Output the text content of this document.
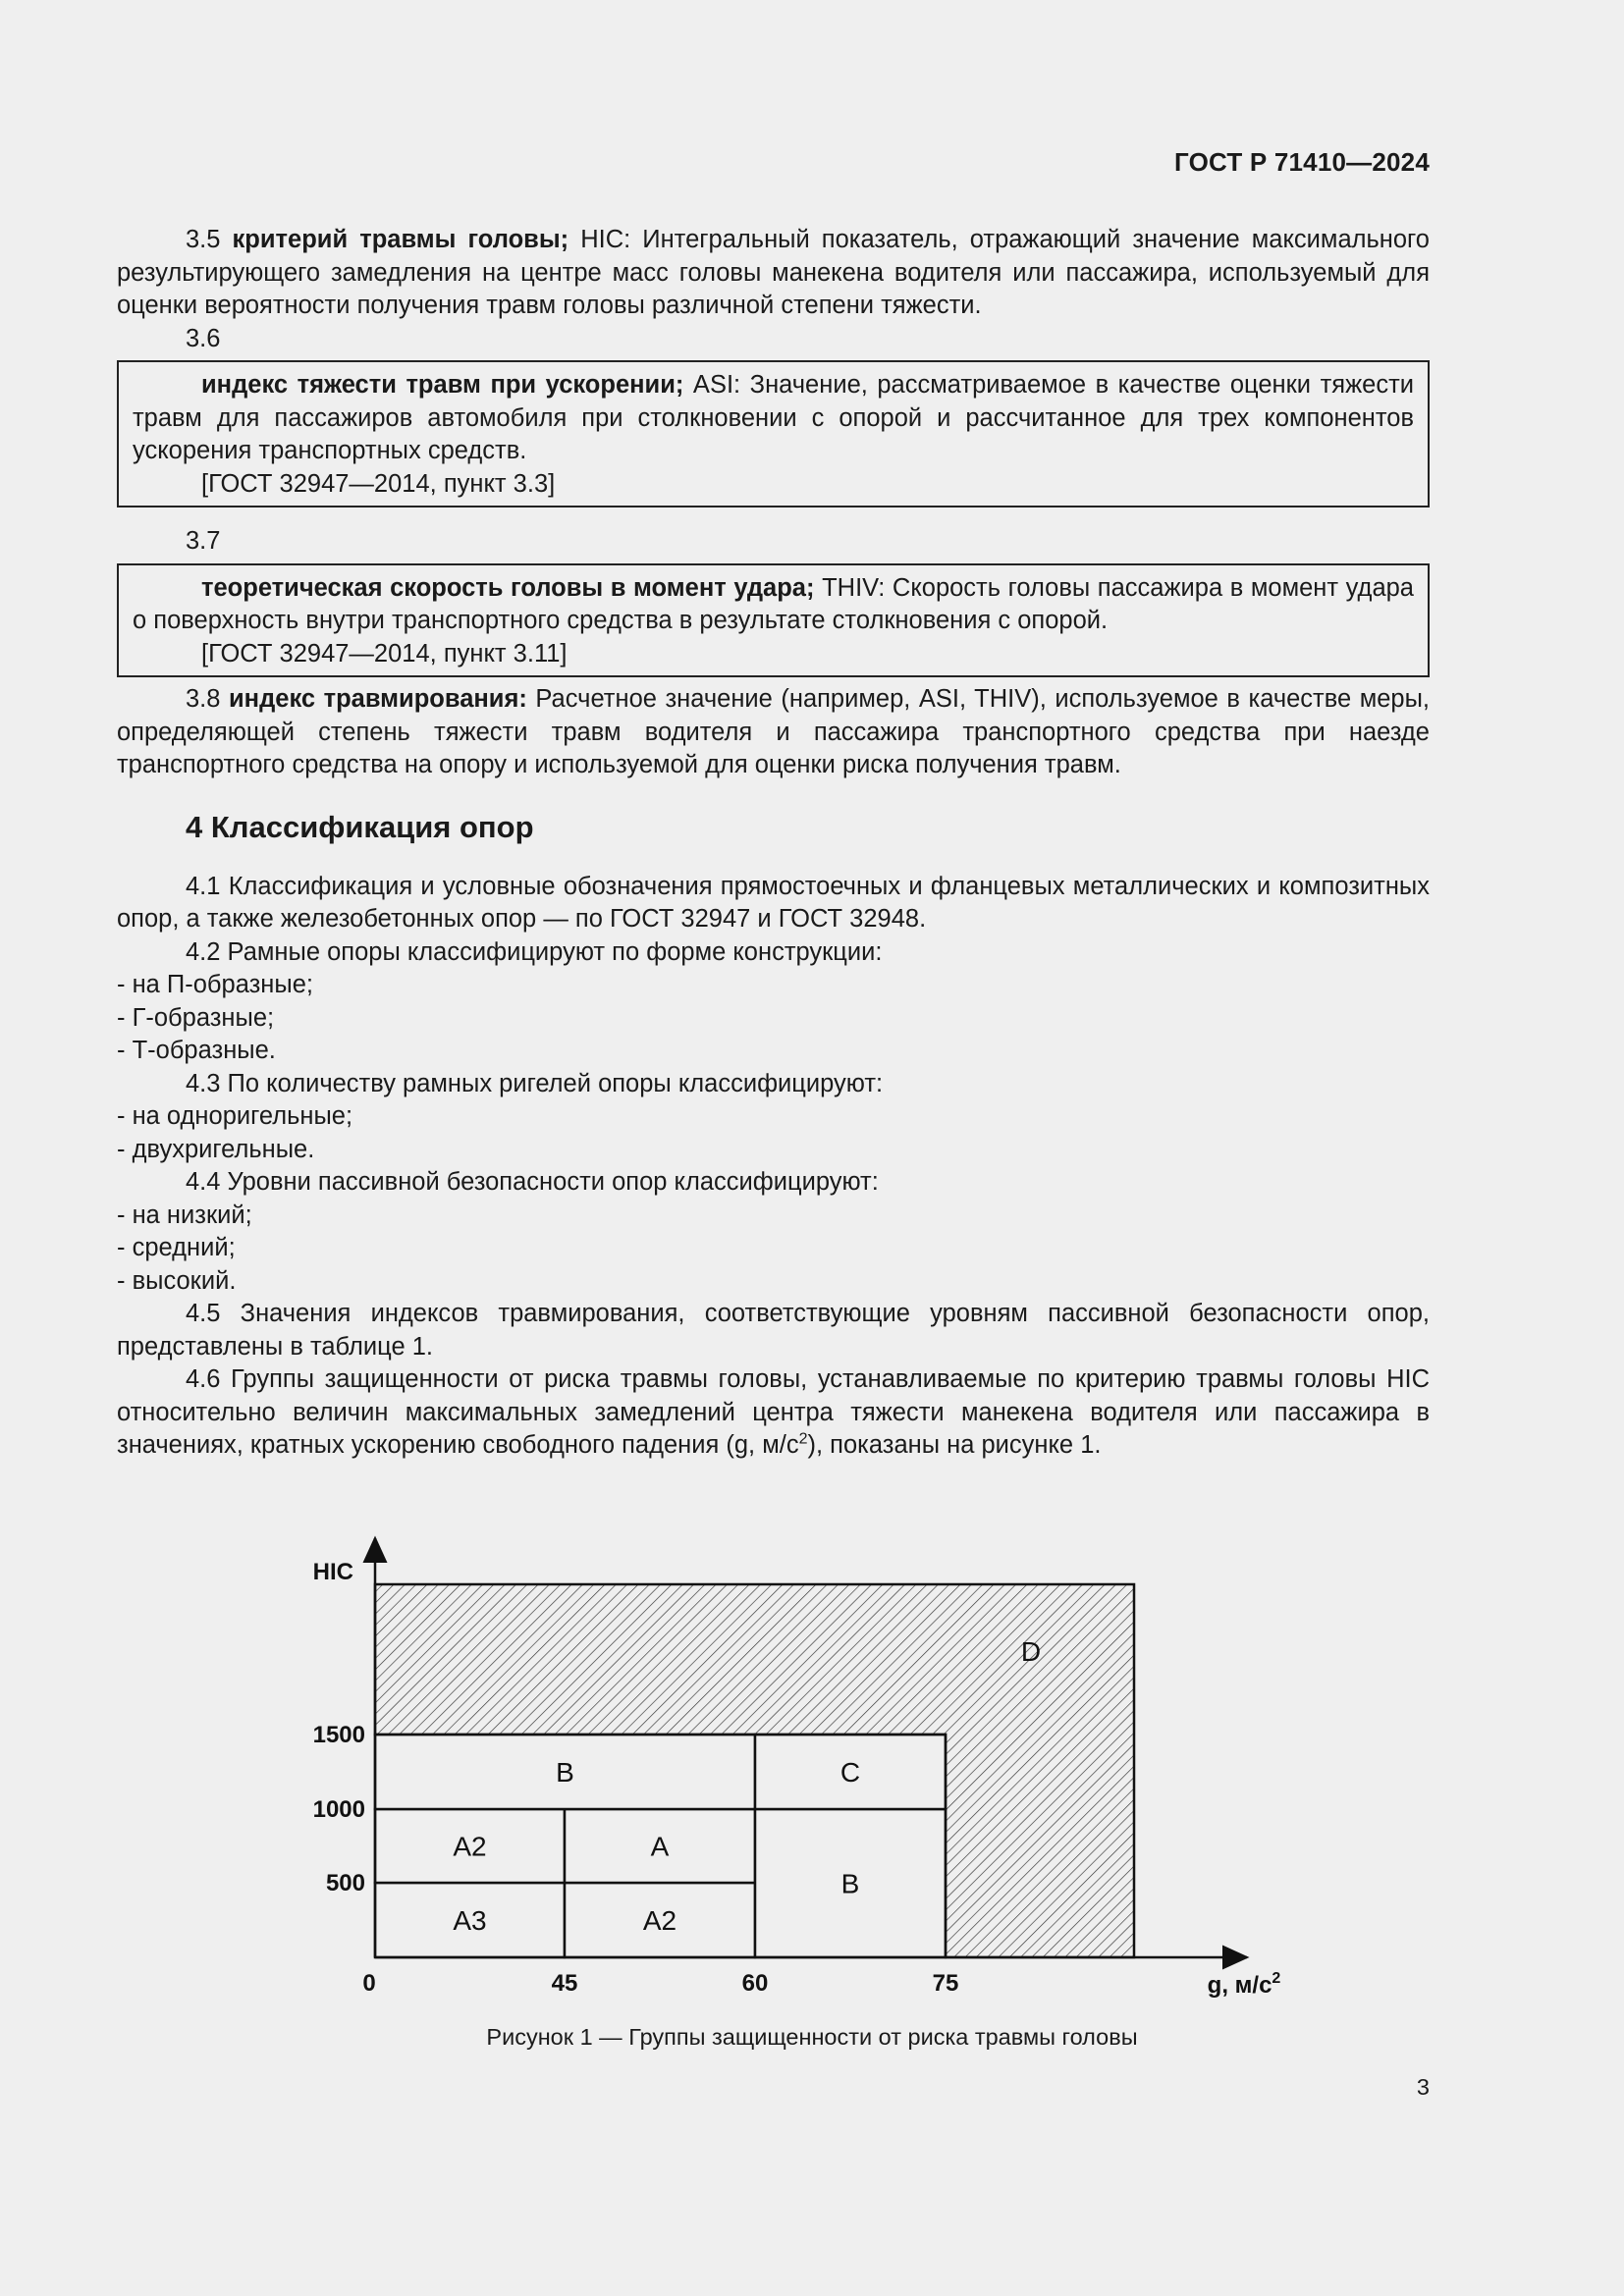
ГОСТ Р 71410—2024

3.5 критерий травмы головы; HIC: Интегральный показатель, отражающий значение максимального результирующего замедления на центре масс головы манекена водителя или пассажира, используемый для оценки вероятности получения травм головы различной степени тяжести.

3.6

индекс тяжести травм при ускорении; ASI: Значение, рассматриваемое в качестве оценки тяжести травм для пассажиров автомобиля при столкновении с опорой и рассчитанное для трех компонентов ускорения транспортных средств.

[ГОСТ 32947—2014, пункт 3.3]

3.7

теоретическая скорость головы в момент удара; THIV: Скорость головы пассажира в момент удара о поверхность внутри транспортного средства в результате столкновения с опорой.

[ГОСТ 32947—2014, пункт 3.11]

3.8 индекс травмирования: Расчетное значение (например, ASI, THIV), используемое в качестве меры, определяющей степень тяжести травм водителя и пассажира транспортного средства при наезде транспортного средства на опору и используемой для оценки риска получения травм.

4 Классификация опор

4.1 Классификация и условные обозначения прямостоечных и фланцевых металлических и композитных опор, а также железобетонных опор — по ГОСТ 32947 и ГОСТ 32948.

4.2 Рамные опоры классифицируют по форме конструкции:

- на П-образные;

- Г-образные;

- Т-образные.

4.3 По количеству рамных ригелей опоры классифицируют:

- на одноригельные;

- двухригельные.

4.4 Уровни пассивной безопасности опор классифицируют:

- на низкий;

- средний;

- высокий.

4.5 Значения индексов травмирования, соответствующие уровням пассивной безопасности опор, представлены в таблице 1.

4.6 Группы защищенности от риска травмы головы, устанавливаемые по критерию травмы головы HIC относительно величин максимальных замедлений центра тяжести манекена водителя или пассажира в значениях, кратных ускорению свободного падения (g, $м/с^2$), показаны на рисунке 1.

A3	A2
A2	A
B
B
C
D
HIC
g, $м/с^2$
0	45	60	75
500
1000
1500
Рисунок 1 — Группы защищенности от риска травмы головы
3
